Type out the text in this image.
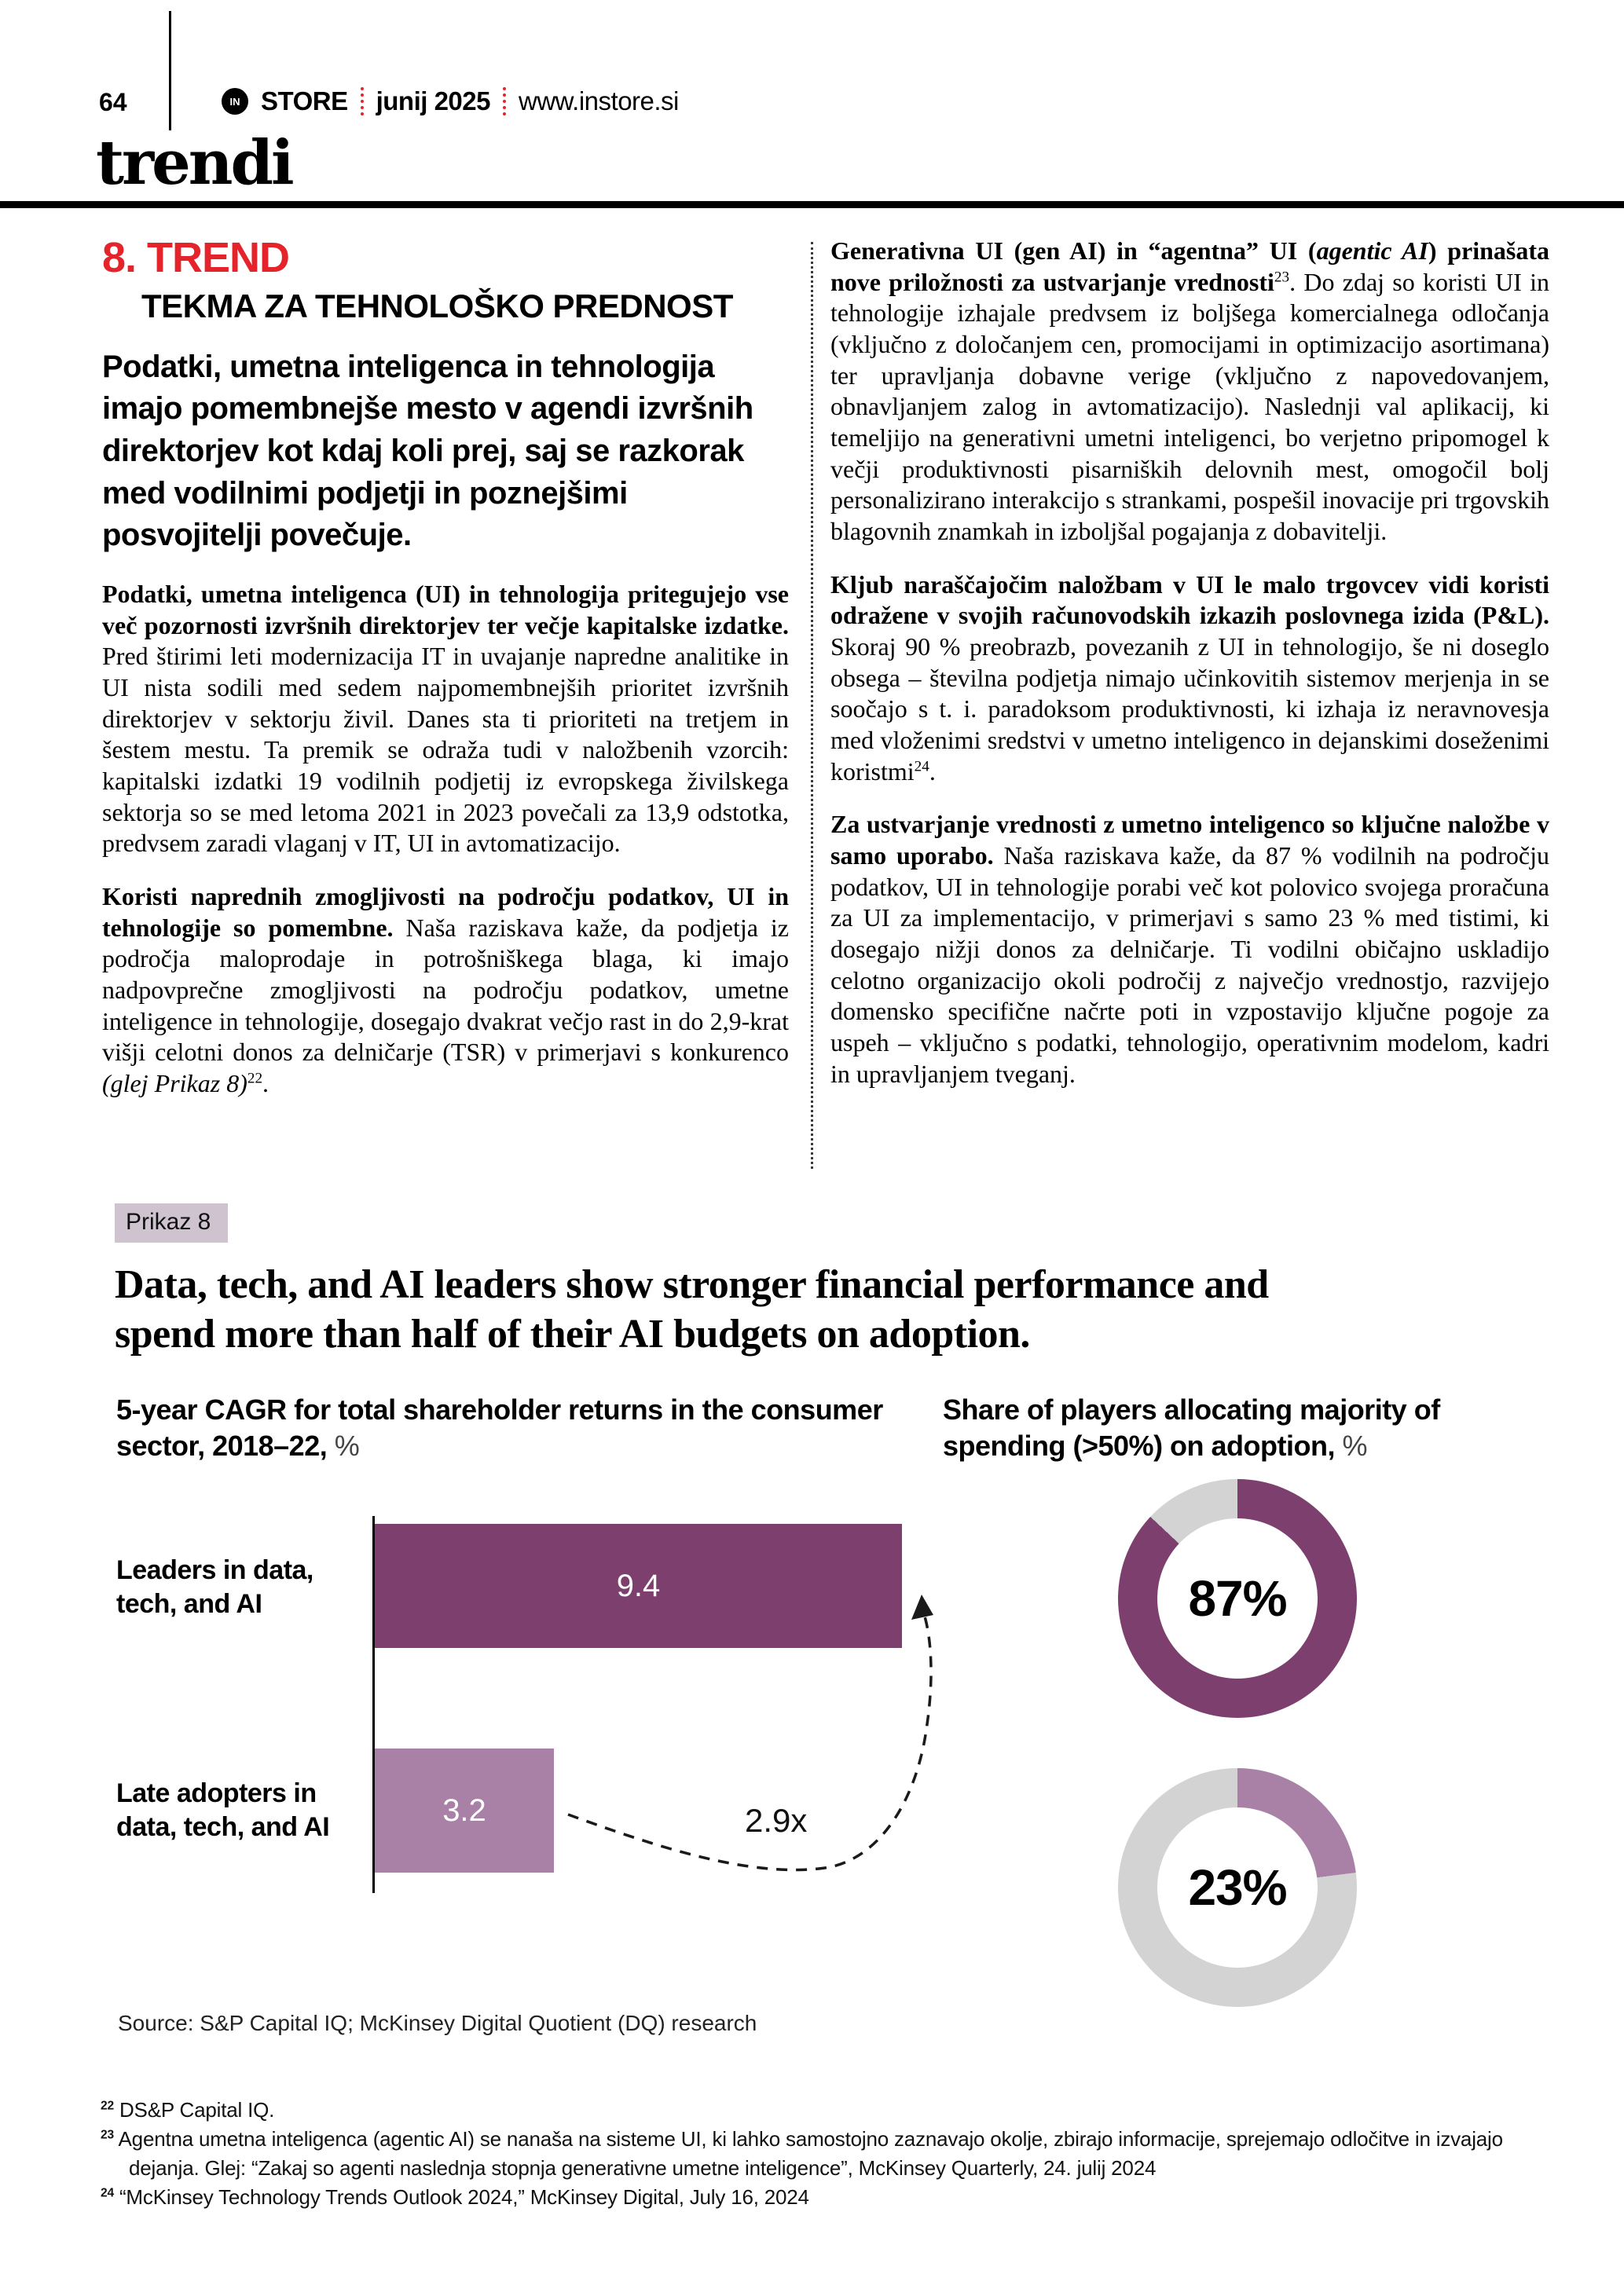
64	IN STORE junij 2025 www.instore.si
trendi
8. TREND
TEKMA ZA TEHNOLOŠKO PREDNOST
Podatki, umetna inteligenca in tehnologija imajo pomembnejše mesto v agendi izvršnih direktorjev kot kdaj koli prej, saj se razkorak med vodilnimi podjetji in poznejšimi posvojitelji povečuje.

Podatki, umetna inteligenca (UI) in tehnologija pritegujejo vse več pozornosti izvršnih direktorjev ter večje kapitalske izdatke. Pred štirimi leti modernizacija IT in uvajanje napredne analitike in UI nista sodili med sedem najpomembnejših prioritet izvršnih direktorjev v sektorju živil. Danes sta ti prioriteti na tretjem in šestem mestu. Ta premik se odraža tudi v naložbenih vzorcih: kapitalski izdatki 19 vodilnih podjetij iz evropskega živilskega sektorja so se med letoma 2021 in 2023 povečali za 13,9 odstotka, predvsem zaradi vlaganj v IT, UI in avtomatizacijo.

Koristi naprednih zmogljivosti na področju podatkov, UI in tehnologije so pomembne. Naša raziskava kaže, da podjetja iz področja maloprodaje in potrošniškega blaga, ki imajo nadpovprečne zmogljivosti na področju podatkov, umetne inteligence in tehnologije, dosegajo dvakrat večjo rast in do 2,9-krat višji celotni donos za delničarje (TSR) v primerjavi s konkurenco (glej Prikaz 8)$^{22}$.

Generativna UI (gen AI) in “agentna” UI (agentic AI) prinašata nove priložnosti za ustvarjanje vrednosti$^{23}$. Do zdaj so koristi UI in tehnologije izhajale predvsem iz boljšega komercialnega odločanja (vključno z določanjem cen, promocijami in optimizacijo asortimana) ter upravljanja dobavne verige (vključno z napovedovanjem, obnavljanjem zalog in avtomatizacijo). Naslednji val aplikacij, ki temeljijo na generativni umetni inteligenci, bo verjetno pripomogel k večji produktivnosti pisarniških delovnih mest, omogočil bolj personalizirano interakcijo s strankami, pospešil inovacije pri trgovskih blagovnih znamkah in izboljšal pogajanja z dobavitelji.

Kljub naraščajočim naložbam v UI le malo trgovcev vidi koristi odražene v svojih računovodskih izkazih poslovnega izida (P&L). Skoraj 90 % preobrazb, povezanih z UI in tehnologijo, še ni doseglo obsega – številna podjetja nimajo učinkovitih sistemov merjenja in se soočajo s t. i. paradoksom produktivnosti, ki izhaja iz neravnovesja med vloženimi sredstvi v umetno inteligenco in dejanskimi doseženimi koristmi$^{24}$.

Za ustvarjanje vrednosti z umetno inteligenco so ključne naložbe v samo uporabo. Naša raziskava kaže, da 87 % vodilnih na področju podatkov, UI in tehnologije porabi več kot polovico svojega proračuna za UI za implementacijo, v primerjavi s samo 23 % med tistimi, ki dosegajo nižji donos za delničarje. Ti vodilni običajno uskladijo celotno organizacijo okoli področij z največjo vrednostjo, razvijejo domensko specifične načrte poti in vzpostavijo ključne pogoje za uspeh – vključno s podatki, tehnologijo, operativnim modelom, kadri in upravljanjem tveganj.

Prikaz 8
Data, tech, and AI leaders show stronger financial performance and spend more than half of their AI budgets on adoption.
5-year CAGR for total shareholder returns in the consumer sector, 2018–22, %
Share of players allocating majority of spending (>50%) on adoption, %
Leaders in data, tech, and AI
Late adopters in data, tech, and AI
9.4
3.2	2.9x
87%
23%
Source: S&P Capital IQ; McKinsey Digital Quotient (DQ) research
$^{22}$ DS&P Capital IQ.
$^{23}$ Agentna umetna inteligenca (agentic AI) se nanaša na sisteme UI, ki lahko samostojno zaznavajo okolje, zbirajo informacije, sprejemajo odločitve in izvajajo dejanja. Glej: “Zakaj so agenti naslednja stopnja generativne umetne inteligence”, McKinsey Quarterly, 24. julij 2024
$^{24}$ “McKinsey Technology Trends Outlook 2024,” McKinsey Digital, July 16, 2024
